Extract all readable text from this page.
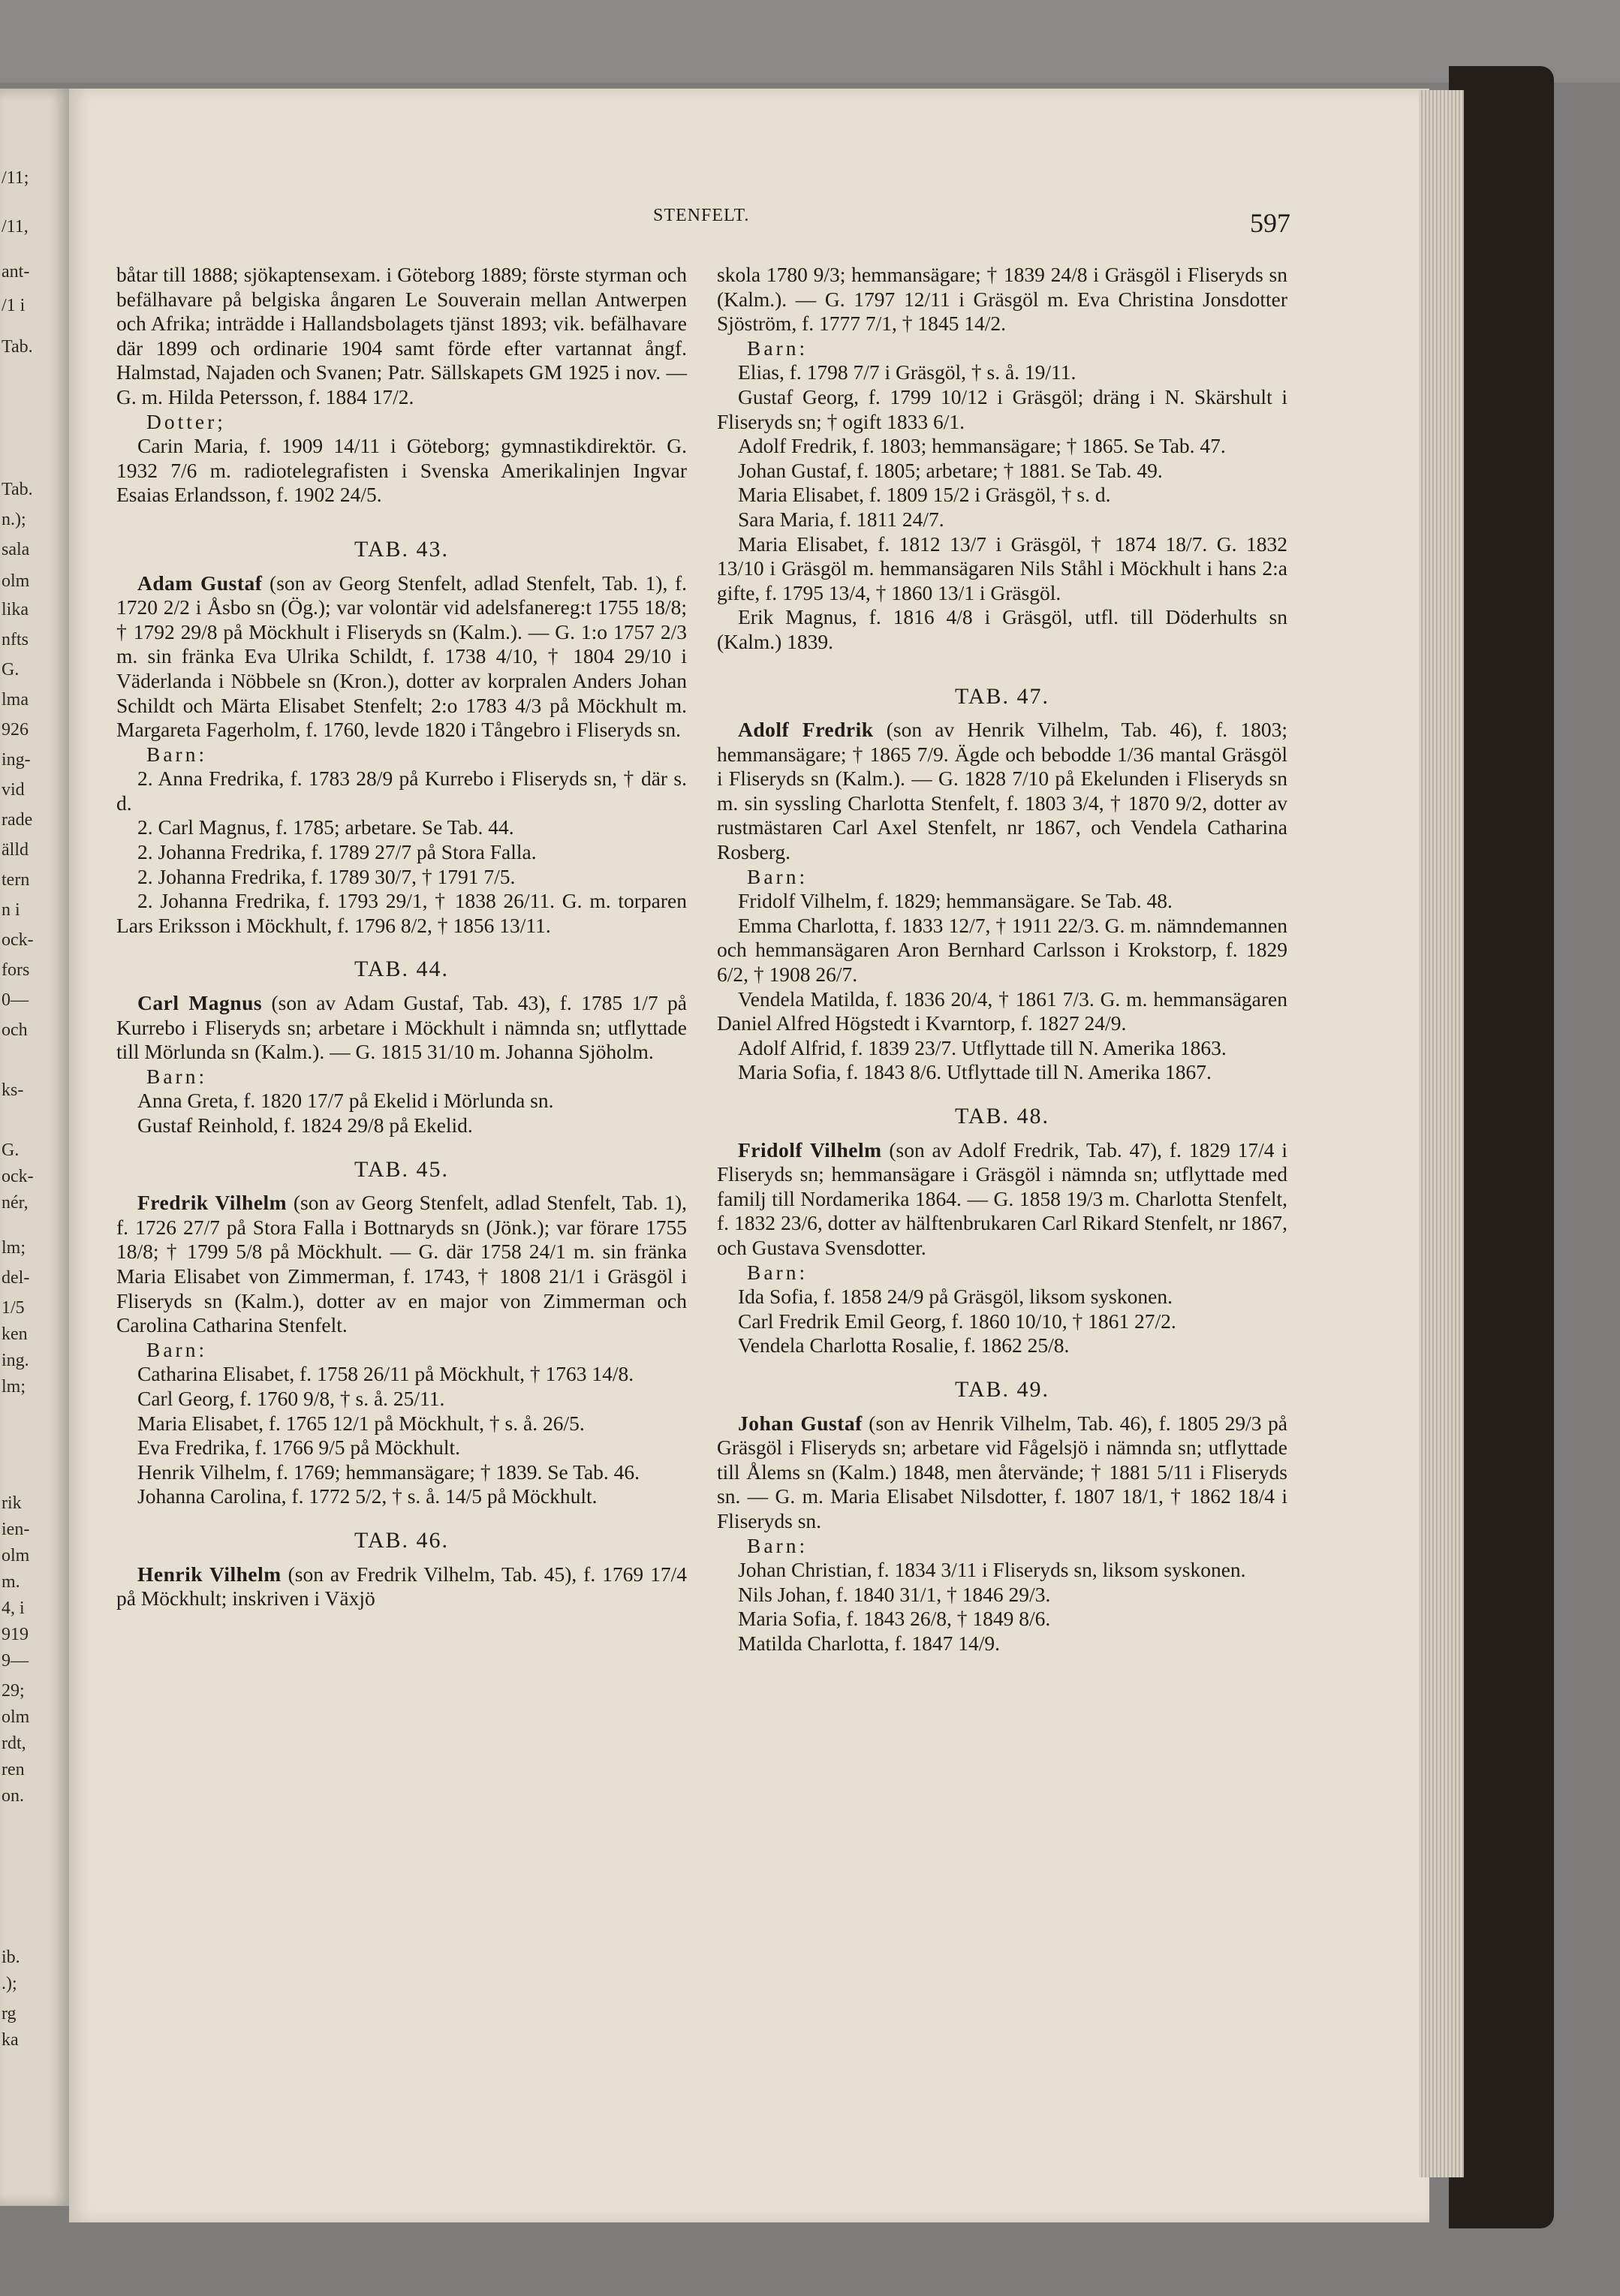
/11;
/11,
ant-
/1 i
Tab.
Tab.
n.);
sala
olm
lika
nfts
G.
lma
926
ing-
vid
rade
älld
tern
n i
ock-
fors
0—
och
ks-
G.
ock-
nér,
lm;
del-
1/5
ken
ing.
lm;
rik
ien-
olm
m.
4, i
919
9—
29;
olm
rdt,
ren
on.
ib.
.);
rg
ka
STENFELT.	597

båtar till 1888; sjökaptensexam. i Göteborg 1889; förste styrman och befälhavare på belgiska ångaren Le Souverain mellan Antwerpen och Afrika; inträdde i Hallandsbolagets tjänst 1893; vik. befälhavare där 1899 och ordinarie 1904 samt förde efter vartannat ångf. Halmstad, Najaden och Svanen; Patr. Sällskapets GM 1925 i nov. — G. m. Hilda Petersson, f. 1884 17/2.

Dotter;

Carin Maria, f. 1909 14/11 i Göteborg; gymnastikdirektör. G. 1932 7/6 m. radiotelegrafisten i Svenska Amerikalinjen Ingvar Esaias Erlandsson, f. 1902 24/5.

TAB. 43.

Adam Gustaf (son av Georg Stenfelt, adlad Stenfelt, Tab. 1), f. 1720 2/2 i Åsbo sn (Ög.); var volontär vid adelsfanereg:t 1755 18/8; † 1792 29/8 på Möckhult i Fliseryds sn (Kalm.). — G. 1:o 1757 2/3 m. sin fränka Eva Ulrika Schildt, f. 1738 4/10, † 1804 29/10 i Väderlanda i Nöbbele sn (Kron.), dotter av korpralen Anders Johan Schildt och Märta Elisabet Stenfelt; 2:o 1783 4/3 på Möckhult m. Margareta Fagerholm, f. 1760, levde 1820 i Tångebro i Fliseryds sn.

Barn:

2. Anna Fredrika, f. 1783 28/9 på Kurrebo i Fliseryds sn, † där s. d.

2. Carl Magnus, f. 1785; arbetare. Se Tab. 44.

2. Johanna Fredrika, f. 1789 27/7 på Stora Falla.

2. Johanna Fredrika, f. 1789 30/7, † 1791 7/5.

2. Johanna Fredrika, f. 1793 29/1, † 1838 26/11. G. m. torparen Lars Eriksson i Möckhult, f. 1796 8/2, † 1856 13/11.

TAB. 44.

Carl Magnus (son av Adam Gustaf, Tab. 43), f. 1785 1/7 på Kurrebo i Fliseryds sn; arbetare i Möckhult i nämnda sn; utflyttade till Mörlunda sn (Kalm.). — G. 1815 31/10 m. Johanna Sjöholm.

Barn:

Anna Greta, f. 1820 17/7 på Ekelid i Mörlunda sn.

Gustaf Reinhold, f. 1824 29/8 på Ekelid.

TAB. 45.

Fredrik Vilhelm (son av Georg Stenfelt, adlad Stenfelt, Tab. 1), f. 1726 27/7 på Stora Falla i Bottnaryds sn (Jönk.); var förare 1755 18/8; † 1799 5/8 på Möckhult. — G. där 1758 24/1 m. sin fränka Maria Elisabet von Zimmerman, f. 1743, † 1808 21/1 i Gräsgöl i Fliseryds sn (Kalm.), dotter av en major von Zimmerman och Carolina Catharina Stenfelt.

Barn:

Catharina Elisabet, f. 1758 26/11 på Möckhult, † 1763 14/8.

Carl Georg, f. 1760 9/8, † s. å. 25/11.

Maria Elisabet, f. 1765 12/1 på Möckhult, † s. å. 26/5.

Eva Fredrika, f. 1766 9/5 på Möckhult.

Henrik Vilhelm, f. 1769; hemmansägare; † 1839. Se Tab. 46.

Johanna Carolina, f. 1772 5/2, † s. å. 14/5 på Möckhult.

TAB. 46.

Henrik Vilhelm (son av Fredrik Vilhelm, Tab. 45), f. 1769 17/4 på Möckhult; inskriven i Växjö

skola 1780 9/3; hemmansägare; † 1839 24/8 i Gräsgöl i Fliseryds sn (Kalm.). — G. 1797 12/11 i Gräsgöl m. Eva Christina Jonsdotter Sjöström, f. 1777 7/1, † 1845 14/2.

Barn:

Elias, f. 1798 7/7 i Gräsgöl, † s. å. 19/11.

Gustaf Georg, f. 1799 10/12 i Gräsgöl; dräng i N. Skärshult i Fliseryds sn; † ogift 1833 6/1.

Adolf Fredrik, f. 1803; hemmansägare; † 1865. Se Tab. 47.

Johan Gustaf, f. 1805; arbetare; † 1881. Se Tab. 49.

Maria Elisabet, f. 1809 15/2 i Gräsgöl, † s. d.

Sara Maria, f. 1811 24/7.

Maria Elisabet, f. 1812 13/7 i Gräsgöl, † 1874 18/7. G. 1832 13/10 i Gräsgöl m. hemmansägaren Nils Ståhl i Möckhult i hans 2:a gifte, f. 1795 13/4, † 1860 13/1 i Gräsgöl.

Erik Magnus, f. 1816 4/8 i Gräsgöl, utfl. till Döderhults sn (Kalm.) 1839.

TAB. 47.

Adolf Fredrik (son av Henrik Vilhelm, Tab. 46), f. 1803; hemmansägare; † 1865 7/9. Ägde och bebodde 1/36 mantal Gräsgöl i Fliseryds sn (Kalm.). — G. 1828 7/10 på Ekelunden i Fliseryds sn m. sin syssling Charlotta Stenfelt, f. 1803 3/4, † 1870 9/2, dotter av rustmästaren Carl Axel Stenfelt, nr 1867, och Vendela Catharina Rosberg.

Barn:

Fridolf Vilhelm, f. 1829; hemmansägare. Se Tab. 48.

Emma Charlotta, f. 1833 12/7, † 1911 22/3. G. m. nämndemannen och hemmansägaren Aron Bernhard Carlsson i Krokstorp, f. 1829 6/2, † 1908 26/7.

Vendela Matilda, f. 1836 20/4, † 1861 7/3. G. m. hemmansägaren Daniel Alfred Högstedt i Kvarntorp, f. 1827 24/9.

Adolf Alfrid, f. 1839 23/7. Utflyttade till N. Amerika 1863.

Maria Sofia, f. 1843 8/6. Utflyttade till N. Amerika 1867.

TAB. 48.

Fridolf Vilhelm (son av Adolf Fredrik, Tab. 47), f. 1829 17/4 i Fliseryds sn; hemmansägare i Gräsgöl i nämnda sn; utflyttade med familj till Nordamerika 1864. — G. 1858 19/3 m. Charlotta Stenfelt, f. 1832 23/6, dotter av hälftenbrukaren Carl Rikard Stenfelt, nr 1867, och Gustava Svensdotter.

Barn:

Ida Sofia, f. 1858 24/9 på Gräsgöl, liksom syskonen.

Carl Fredrik Emil Georg, f. 1860 10/10, † 1861 27/2.

Vendela Charlotta Rosalie, f. 1862 25/8.

TAB. 49.

Johan Gustaf (son av Henrik Vilhelm, Tab. 46), f. 1805 29/3 på Gräsgöl i Fliseryds sn; arbetare vid Fågelsjö i nämnda sn; utflyttade till Ålems sn (Kalm.) 1848, men återvände; † 1881 5/11 i Fliseryds sn. — G. m. Maria Elisabet Nilsdotter, f. 1807 18/1, † 1862 18/4 i Fliseryds sn.

Barn:

Johan Christian, f. 1834 3/11 i Fliseryds sn, liksom syskonen.

Nils Johan, f. 1840 31/1, † 1846 29/3.

Maria Sofia, f. 1843 26/8, † 1849 8/6.

Matilda Charlotta, f. 1847 14/9.
